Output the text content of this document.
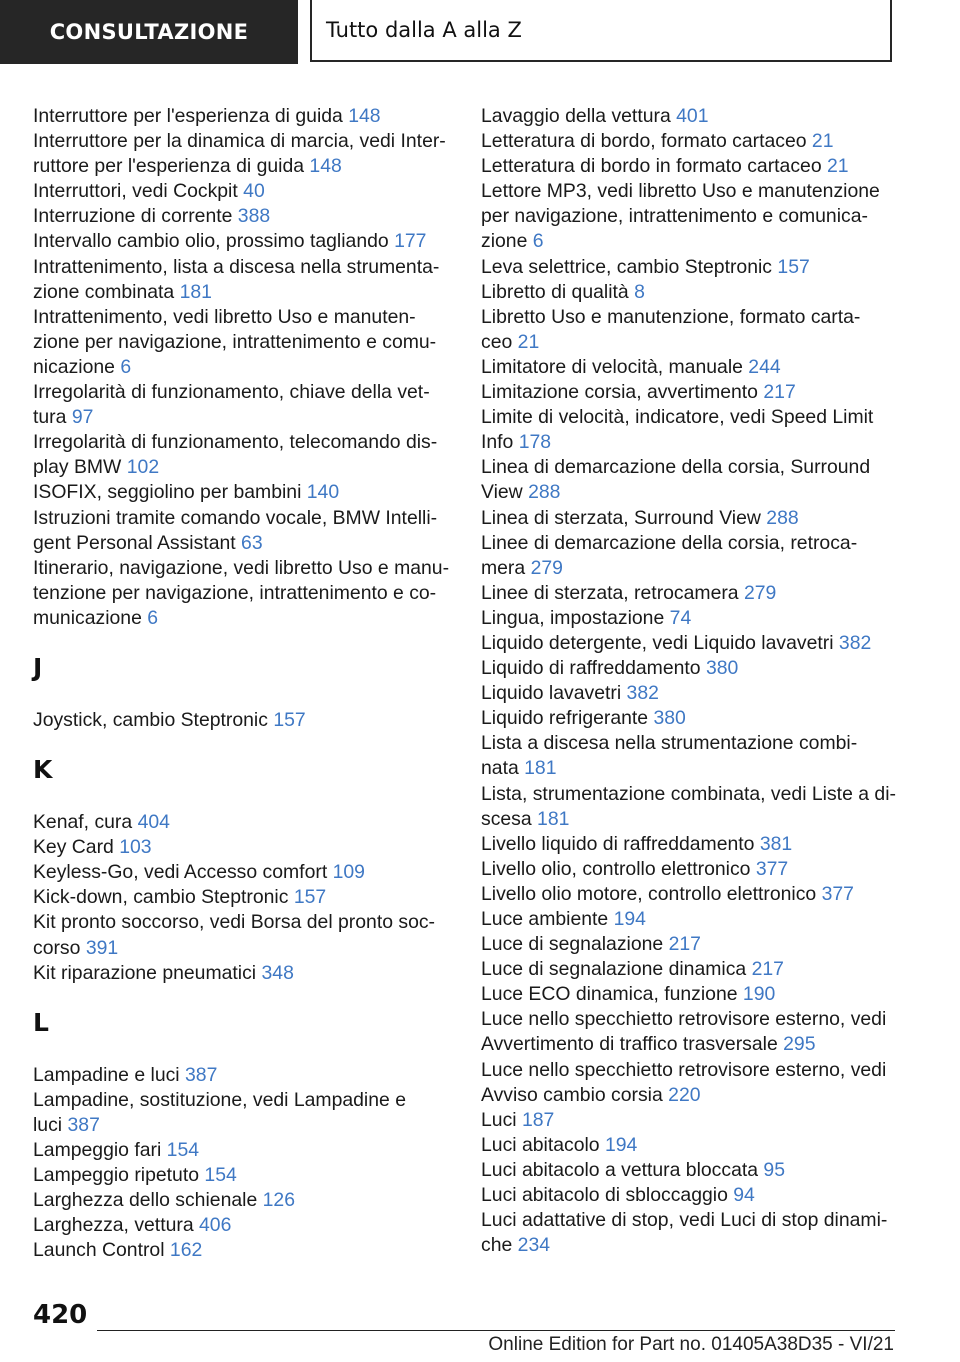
CONSULTAZIONE	Tutto dalla A alla Z
Interruttore per l'esperienza di guida 148
Interruttore per la dinamica di marcia, vedi Inter-
ruttore per l'esperienza di guida 148
Interruttori, vedi Cockpit 40
Interruzione di corrente 388
Intervallo cambio olio, prossimo tagliando 177
Intrattenimento, lista a discesa nella strumenta-
zione combinata 181
Intrattenimento, vedi libretto Uso e manuten-
zione per navigazione, intrattenimento e comu-
nicazione 6
Irregolarità di funzionamento, chiave della vet-
tura 97
Irregolarità di funzionamento, telecomando dis-
play BMW 102
ISOFIX, seggiolino per bambini 140
Istruzioni tramite comando vocale, BMW Intelli-
gent Personal Assistant 63
Itinerario, navigazione, vedi libretto Uso e manu-
tenzione per navigazione, intrattenimento e co-
municazione 6
J
Joystick, cambio Steptronic 157
K
Kenaf, cura 404
Key Card 103
Keyless-Go, vedi Accesso comfort 109
Kick-down, cambio Steptronic 157
Kit pronto soccorso, vedi Borsa del pronto soc-
corso 391
Kit riparazione pneumatici 348
L
Lampadine e luci 387
Lampadine, sostituzione, vedi Lampadine e
luci 387
Lampeggio fari 154
Lampeggio ripetuto 154
Larghezza dello schienale 126
Larghezza, vettura 406
Launch Control 162
Lavaggio della vettura 401
Letteratura di bordo, formato cartaceo 21
Letteratura di bordo in formato cartaceo 21
Lettore MP3, vedi libretto Uso e manutenzione
per navigazione, intrattenimento e comunica-
zione 6
Leva selettrice, cambio Steptronic 157
Libretto di qualità 8
Libretto Uso e manutenzione, formato carta-
ceo 21
Limitatore di velocità, manuale 244
Limitazione corsia, avvertimento 217
Limite di velocità, indicatore, vedi Speed Limit
Info 178
Linea di demarcazione della corsia, Surround
View 288
Linea di sterzata, Surround View 288
Linee di demarcazione della corsia, retroca-
mera 279
Linee di sterzata, retrocamera 279
Lingua, impostazione 74
Liquido detergente, vedi Liquido lavavetri 382
Liquido di raffreddamento 380
Liquido lavavetri 382
Liquido refrigerante 380
Lista a discesa nella strumentazione combi-
nata 181
Lista, strumentazione combinata, vedi Liste a di-
scesa 181
Livello liquido di raffreddamento 381
Livello olio, controllo elettronico 377
Livello olio motore, controllo elettronico 377
Luce ambiente 194
Luce di segnalazione 217
Luce di segnalazione dinamica 217
Luce ECO dinamica, funzione 190
Luce nello specchietto retrovisore esterno, vedi
Avvertimento di traffico trasversale 295
Luce nello specchietto retrovisore esterno, vedi
Avviso cambio corsia 220
Luci 187
Luci abitacolo 194
Luci abitacolo a vettura bloccata 95
Luci abitacolo di sbloccaggio 94
Luci adattative di stop, vedi Luci di stop dinami-
che 234
420
Online Edition for Part no. 01405A38D35 - VI/21
